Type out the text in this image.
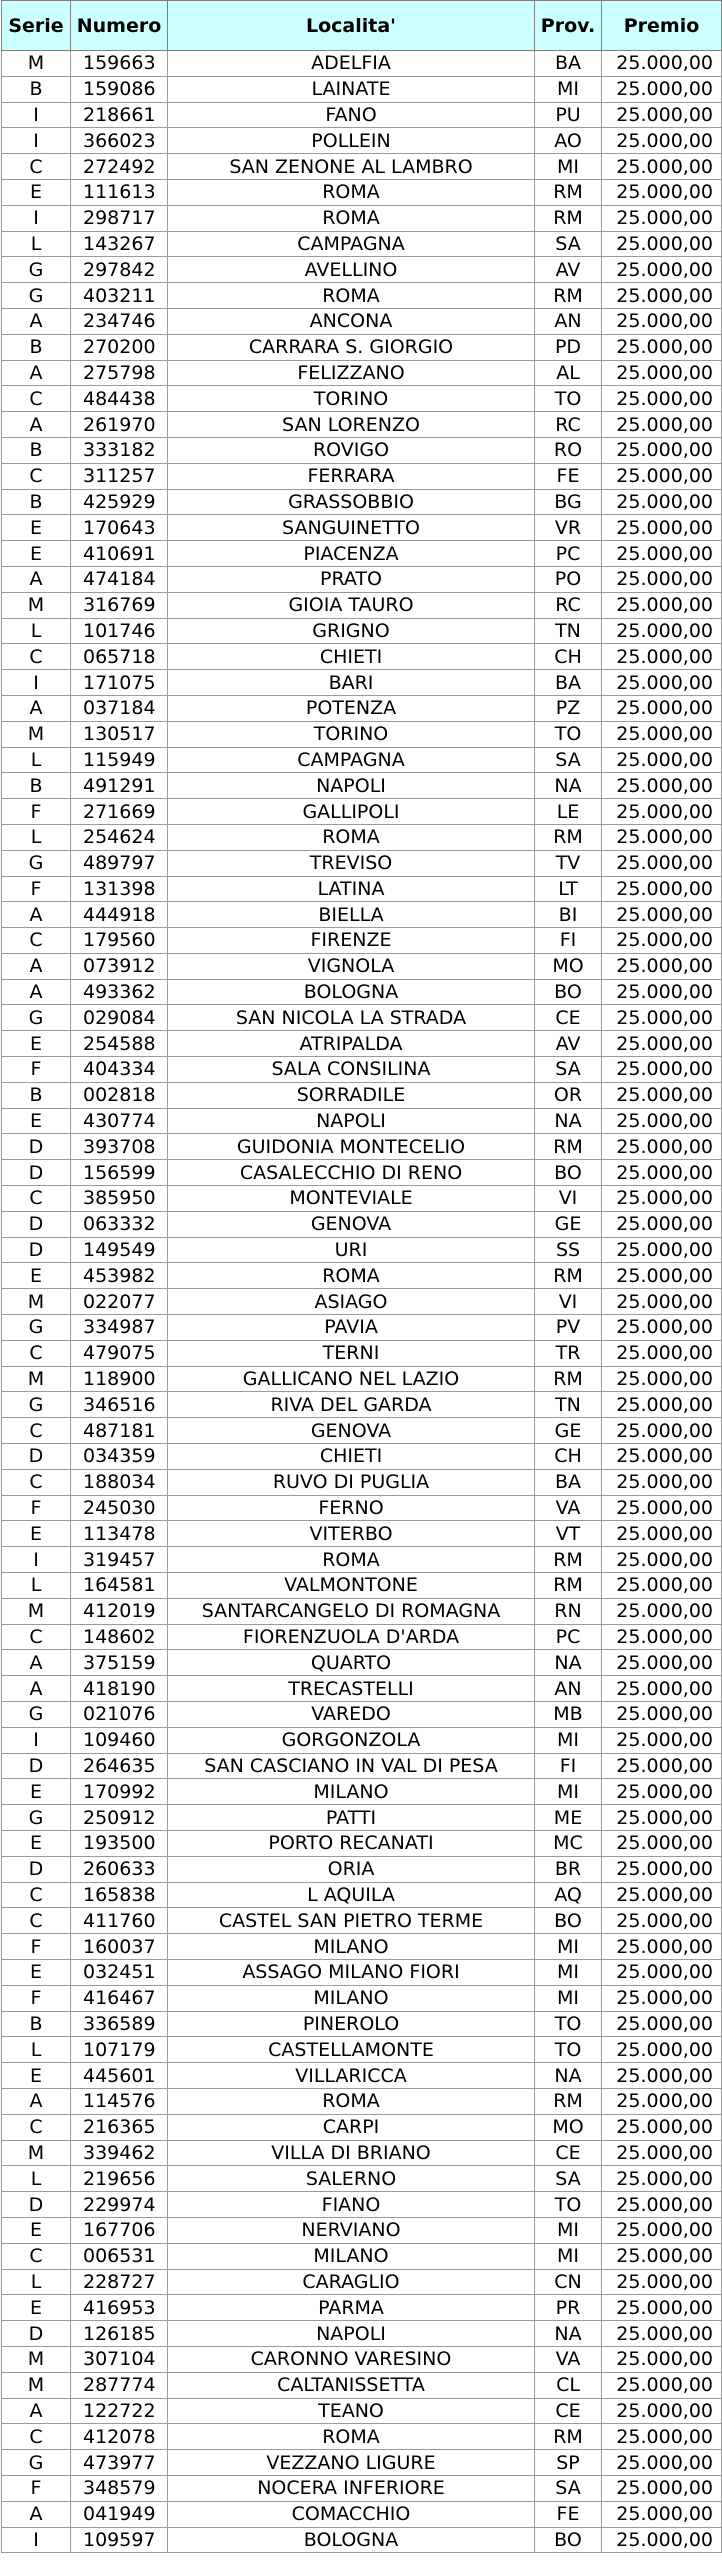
Serie	Numero	Localita'	Prov.	Premio
M	159663	ADELFIA	BA	25.000,00
B	159086	LAINATE	MI	25.000,00
I	218661	FANO	PU	25.000,00
I	366023	POLLEIN	AO	25.000,00
C	272492	SAN ZENONE AL LAMBRO	MI	25.000,00
E	111613	ROMA	RM	25.000,00
I	298717	ROMA	RM	25.000,00
L	143267	CAMPAGNA	SA	25.000,00
G	297842	AVELLINO	AV	25.000,00
G	403211	ROMA	RM	25.000,00
A	234746	ANCONA	AN	25.000,00
B	270200	CARRARA S. GIORGIO	PD	25.000,00
A	275798	FELIZZANO	AL	25.000,00
C	484438	TORINO	TO	25.000,00
A	261970	SAN LORENZO	RC	25.000,00
B	333182	ROVIGO	RO	25.000,00
C	311257	FERRARA	FE	25.000,00
B	425929	GRASSOBBIO	BG	25.000,00
E	170643	SANGUINETTO	VR	25.000,00
E	410691	PIACENZA	PC	25.000,00
A	474184	PRATO	PO	25.000,00
M	316769	GIOIA TAURO	RC	25.000,00
L	101746	GRIGNO	TN	25.000,00
C	065718	CHIETI	CH	25.000,00
I	171075	BARI	BA	25.000,00
A	037184	POTENZA	PZ	25.000,00
M	130517	TORINO	TO	25.000,00
L	115949	CAMPAGNA	SA	25.000,00
B	491291	NAPOLI	NA	25.000,00
F	271669	GALLIPOLI	LE	25.000,00
L	254624	ROMA	RM	25.000,00
G	489797	TREVISO	TV	25.000,00
F	131398	LATINA	LT	25.000,00
A	444918	BIELLA	BI	25.000,00
C	179560	FIRENZE	FI	25.000,00
A	073912	VIGNOLA	MO	25.000,00
A	493362	BOLOGNA	BO	25.000,00
G	029084	SAN NICOLA LA STRADA	CE	25.000,00
E	254588	ATRIPALDA	AV	25.000,00
F	404334	SALA CONSILINA	SA	25.000,00
B	002818	SORRADILE	OR	25.000,00
E	430774	NAPOLI	NA	25.000,00
D	393708	GUIDONIA MONTECELIO	RM	25.000,00
D	156599	CASALECCHIO DI RENO	BO	25.000,00
C	385950	MONTEVIALE	VI	25.000,00
D	063332	GENOVA	GE	25.000,00
D	149549	URI	SS	25.000,00
E	453982	ROMA	RM	25.000,00
M	022077	ASIAGO	VI	25.000,00
G	334987	PAVIA	PV	25.000,00
C	479075	TERNI	TR	25.000,00
M	118900	GALLICANO NEL LAZIO	RM	25.000,00
G	346516	RIVA DEL GARDA	TN	25.000,00
C	487181	GENOVA	GE	25.000,00
D	034359	CHIETI	CH	25.000,00
C	188034	RUVO DI PUGLIA	BA	25.000,00
F	245030	FERNO	VA	25.000,00
E	113478	VITERBO	VT	25.000,00
I	319457	ROMA	RM	25.000,00
L	164581	VALMONTONE	RM	25.000,00
M	412019	SANTARCANGELO DI ROMAGNA	RN	25.000,00
C	148602	FIORENZUOLA D'ARDA	PC	25.000,00
A	375159	QUARTO	NA	25.000,00
A	418190	TRECASTELLI	AN	25.000,00
G	021076	VAREDO	MB	25.000,00
I	109460	GORGONZOLA	MI	25.000,00
D	264635	SAN CASCIANO IN VAL DI PESA	FI	25.000,00
E	170992	MILANO	MI	25.000,00
G	250912	PATTI	ME	25.000,00
E	193500	PORTO RECANATI	MC	25.000,00
D	260633	ORIA	BR	25.000,00
C	165838	L AQUILA	AQ	25.000,00
C	411760	CASTEL SAN PIETRO TERME	BO	25.000,00
F	160037	MILANO	MI	25.000,00
E	032451	ASSAGO MILANO FIORI	MI	25.000,00
F	416467	MILANO	MI	25.000,00
B	336589	PINEROLO	TO	25.000,00
L	107179	CASTELLAMONTE	TO	25.000,00
E	445601	VILLARICCA	NA	25.000,00
A	114576	ROMA	RM	25.000,00
C	216365	CARPI	MO	25.000,00
M	339462	VILLA DI BRIANO	CE	25.000,00
L	219656	SALERNO	SA	25.000,00
D	229974	FIANO	TO	25.000,00
E	167706	NERVIANO	MI	25.000,00
C	006531	MILANO	MI	25.000,00
L	228727	CARAGLIO	CN	25.000,00
E	416953	PARMA	PR	25.000,00
D	126185	NAPOLI	NA	25.000,00
M	307104	CARONNO VARESINO	VA	25.000,00
M	287774	CALTANISSETTA	CL	25.000,00
A	122722	TEANO	CE	25.000,00
C	412078	ROMA	RM	25.000,00
G	473977	VEZZANO LIGURE	SP	25.000,00
F	348579	NOCERA INFERIORE	SA	25.000,00
A	041949	COMACCHIO	FE	25.000,00
I	109597	BOLOGNA	BO	25.000,00
